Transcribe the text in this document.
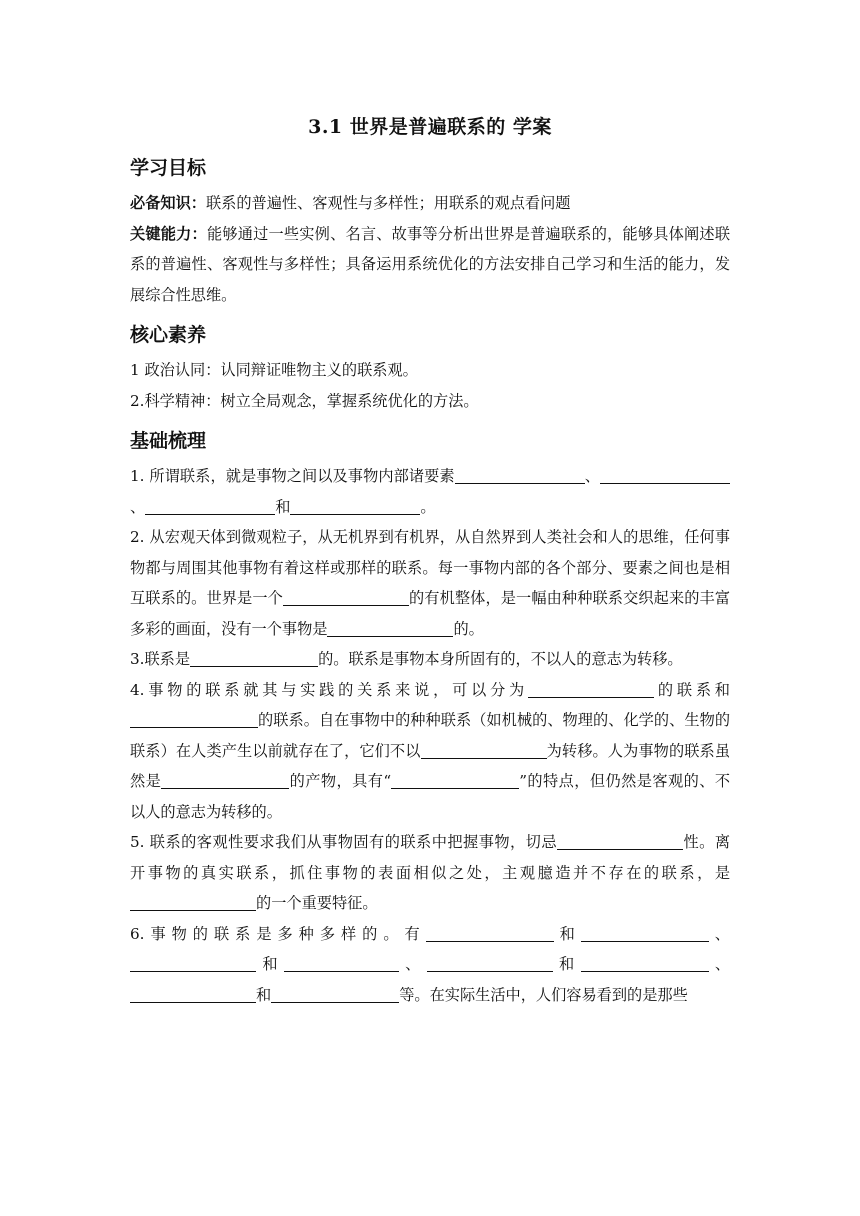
3.1 世界是普遍联系的 学案
学习目标

必备知识：联系的普遍性、客观性与多样性；用联系的观点看问题

关键能力：能够通过一些实例、名言、故事等分析出世界是普遍联系的，能够具体阐述联系的普遍性、客观性与多样性；具备运用系统优化的方法安排自己学习和生活的能力，发展综合性思维。

核心素养

1 政治认同：认同辩证唯物主义的联系观。

2.科学精神：树立全局观念，掌握系统优化的方法。

基础梳理

1. 所谓联系，就是事物之间以及事物内部诸要素	、、	和	。

2. 从宏观天体到微观粒子，从无机界到有机界，从自然界到人类社会和人的思维，任何事物都与周围其他事物有着这样或那样的联系。每一事物内部的各个部分、要素之间也是相互联系的。世界是一个	的有机整体，是一幅由种种联系交织起来的丰富多彩的画面，没有一个事物是	的。

3.联系是	的。联系是事物本身所固有的，不以人的意志为转移。

4.事物的联系就其与实践的关系来说，可以分为	的联系和的联系。自在事物中的种种联系（如机械的、物理的、化学的、生物的联系）在人类产生以前就存在了，它们不以	为转移。人为事物的联系虽然是	的产物，具有“	”的特点，但仍然是客观的、不以人的意志为转移的。

5. 联系的客观性要求我们从事物固有的联系中把握事物，切忌	性。离开事物的真实联系，抓住事物的表面相似之处，主观臆造并不存在的联系，是的一个重要特征。

6.事物的联系是多种多样的。有	和	、和	、	和	、和	等。在实际生活中，人们容易看到的是那些
